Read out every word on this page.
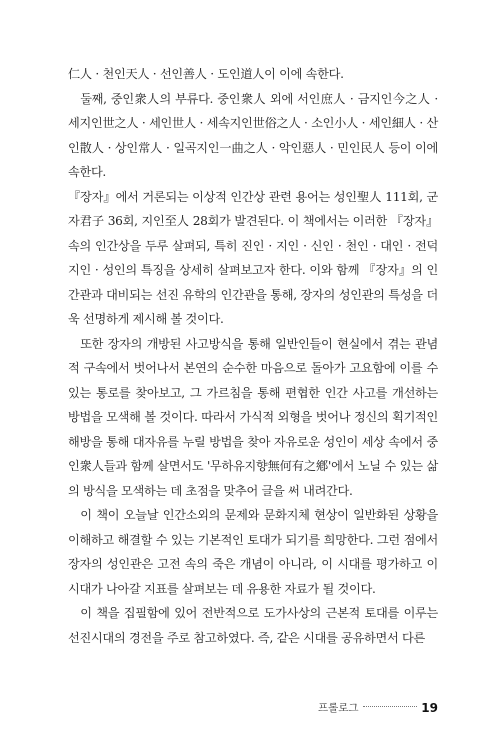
仁人 · 천인天人 · 선인善人 · 도인道人이 이에 속한다.

둘째, 중인衆人의 부류다. 중인衆人 외에 서인庶人 · 금지인今之人 · 세지인世之人 · 세인世人 · 세속지인世俗之人 · 소인小人 · 세인細人 · 산인散人 · 상인常人 · 일곡지인一曲之人 · 악인惡人 · 민인民人 등이 이에 속한다.

『장자』에서 거론되는 이상적 인간상 관련 용어는 성인聖人 111회, 군자君子 36회, 지인至人 28회가 발견된다. 이 책에서는 이러한 『장자』 속의 인간상을 두루 살펴되, 특히 진인 · 지인 · 신인 · 천인 · 대인 · 전덕지인 · 성인의 특징을 상세히 살펴보고자 한다. 이와 함께 『장자』의 인간관과 대비되는 선진 유학의 인간관을 통해, 장자의 성인관의 특성을 더욱 선명하게 제시해 볼 것이다.

또한 장자의 개방된 사고방식을 통해 일반인들이 현실에서 겪는 관념적 구속에서 벗어나서 본연의 순수한 마음으로 돌아가 고요함에 이를 수 있는 통로를 찾아보고, 그 가르침을 통해 편협한 인간 사고를 개선하는 방법을 모색해 볼 것이다. 따라서 가식적 외형을 벗어나 정신의 획기적인 해방을 통해 대자유를 누릴 방법을 찾아 자유로운 성인이 세상 속에서 중인衆人들과 함께 살면서도 '무하유지향無何有之鄕'에서 노닐 수 있는 삶의 방식을 모색하는 데 초점을 맞추어 글을 써 내려간다.

이 책이 오늘날 인간소외의 문제와 문화지체 현상이 일반화된 상황을 이해하고 해결할 수 있는 기본적인 토대가 되기를 희망한다. 그런 점에서 장자의 성인관은 고전 속의 죽은 개념이 아니라, 이 시대를 평가하고 이 시대가 나아갈 지표를 살펴보는 데 유용한 자료가 될 것이다.

이 책을 집필함에 있어 전반적으로 도가사상의 근본적 토대를 이루는 선진시대의 경전을 주로 참고하였다. 즉, 같은 시대를 공유하면서 다른

프롤로그	19
